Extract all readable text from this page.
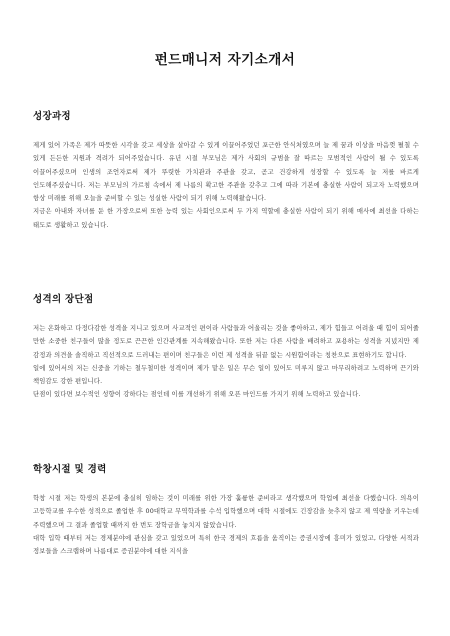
펀드매니저 자기소개서
성장과정

제게 있어 가족은 제가 따뜻한 시각을 갖고 세상을 살아갈 수 있게 이끌어주었던 포근한 안식처였으며 늘 제 꿈과 이상을 마음껏 펼칠 수 있게 든든한 지원과 격려가 되어주었습니다. 유년 시절 부모님은 제가 사회의 규범을 잘 따르는 모범적인 사람이 될 수 있도록 이끌어주셨으며 인생의 조언자로써 제가 뚜렷한 가치관과 주관을 갖고, 곧고 건강하게 성장할 수 있도록 늘 저를 바르게 인도해주셨습니다. 저는 부모님의 가르침 속에서 제 나름의 확고한 주관을 갖추고 그에 따라 기본에 충실한 사람이 되고자 노력했으며 항상 미래를 위해 오늘을 준비할 수 있는 성실한 사람이 되기 위해 노력해왔습니다.

지금은 아내와 자녀를 둔 한 가장으로써 또한 능력 있는 사회인으로써 두 가지 역할에 충실한 사람이 되기 위해 매사에 최선을 다하는 태도로 생활하고 있습니다.

성격의 장단점

저는 온화하고 다정다감한 성격을 지니고 있으며 사교적인 편이라 사람들과 어울리는 것을 좋아하고, 제가 힘들고 어려울 때 힘이 되어줄 만한 소중한 친구들이 많을 정도로 끈끈한 인간관계를 지속해왔습니다. 또한 저는 다른 사람을 배려하고 포용하는 성격을 지녔지만 제 감정과 의견을 솔직하고 직선적으로 드러내는 편이며 친구들은 이런 제 성격을 뒤끝 없는 시원함이라는 칭찬으로 표현하기도 합니다.

일에 있어서의 저는 신중을 기하는 철두철미한 성격이며 제가 맡은 일은 무슨 일이 있어도 미루지 않고 마무리하려고 노력하며 끈기와 책임감도 강한 편입니다.

단점이 있다면 보수적인 성향이 강하다는 점인데 이를 개선하기 위해 오픈 마인드를 가지기 위해 노력하고 있습니다.

학창시절 및 경력

학창 시절 저는 학생의 본분에 충실히 임하는 것이 미래를 위한 가장 훌륭한 준비라고 생각했으며 학업에 최선을 다했습니다. 의욕이 고등학교를 우수한 성적으로 졸업한 후 00대학교 무역학과를 수석 입학했으며 대학 시절에도 긴장감을 늦추지 않고 제 역량을 키우는데 주력했으며 그 결과 졸업할 때까지 한 번도 장학금을 놓치지 않았습니다.

대학 입학 때부터 저는 경제분야에 관심을 갖고 있었으며 특히 한국 경제의 흐름을 움직이는 증권시장에 흥미가 있었고, 다양한 서적과 정보들을 스크랩하며 나름대로 증권분야에 대한 지식을
